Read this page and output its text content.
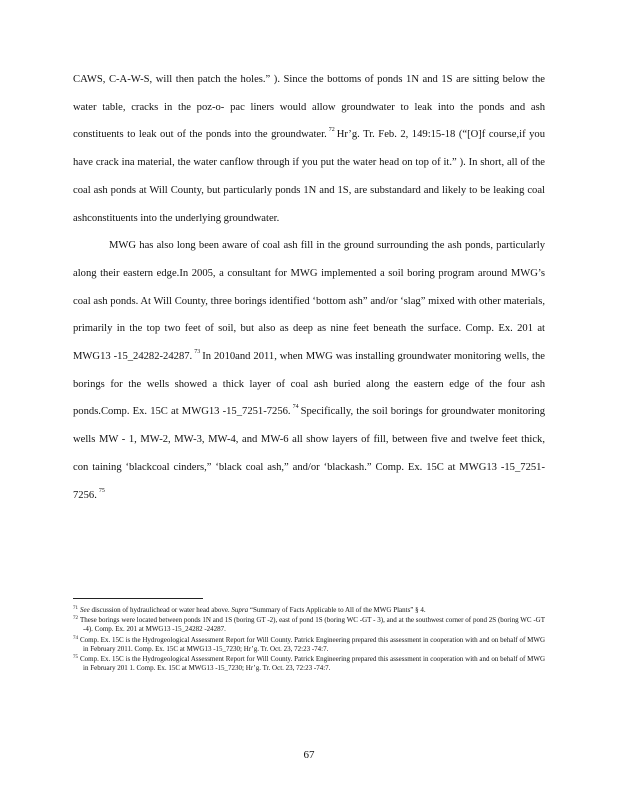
CAWS, C-A-W-S, will then patch the holes.” ). Since the bottoms of ponds 1N and 1S are sitting below the water table, cracks in the poz-o- pac liners would allow groundwater to leak into the ponds and ash constituents to leak out of the ponds into the groundwater. $^{72}$ Hr’g. Tr. Feb. 2, 149:15-18 (“[O]f course,if you have crack ina material, the water canflow through if you put the water head on top of it.” ). In short, all of the coal ash ponds at Will County, but particularly ponds 1N and 1S, are substandard and likely to be leaking coal ashconstituents into the underlying groundwater.

MWG has also long been aware of coal ash fill in the ground surrounding the ash ponds, particularly along their eastern edge.In 2005, a consultant for MWG implemented a soil boring program around MWG’s coal ash ponds. At Will County, three borings identified ‘bottom ash” and/or ‘slag” mixed with other materials, primarily in the top two feet of soil, but also as deep as nine feet beneath the surface. Comp. Ex. 201 at MWG13 -15_24282-24287. $^{73}$ In 2010and 2011, when MWG was installing groundwater monitoring wells, the borings for the wells showed a thick layer of coal ash buried along the eastern edge of the four ash ponds.Comp. Ex. 15C at MWG13 -15_7251-7256. $^{74}$ Specifically, the soil borings for groundwater monitoring wells MW - 1, MW-2, MW-3, MW-4, and MW-6 all show layers of fill, between five and twelve feet thick, con taining ‘blackcoal cinders,” ‘black coal ash,” and/or ‘blackash.” Comp. Ex. 15C at MWG13 -15_7251-7256. $^{75}$

$^{71}$ See discussion of hydraulichead or water head above. Supra “Summary of Facts Applicable to All of the MWG Plants” § 4.

$^{72}$ These borings were located between ponds 1N and 1S (boring GT -2), east of pond 1S (boring WC -GT - 3), and at the southwest corner of pond 2S (boring WC -GT -4). Comp. Ex. 201 at MWG13 -15_24282 -24287.

$^{74}$ Comp. Ex. 15C is the Hydrogeological Assessment Report for Will County. Patrick Engineering prepared this assessment in cooperation with and on behalf of MWG in February 2011. Comp. Ex. 15C at MWG13 -15_7230; Hr’g. Tr. Oct. 23, 72:23 -74:7.

$^{75}$ Comp. Ex. 15C is the Hydrogeological Assessment Report for Will County. Patrick Engineering prepared this assessment in cooperation with and on behalf of MWG in February 201 1. Comp. Ex. 15C at MWG13 -15_7230; Hr’g. Tr. Oct. 23, 72:23 -74:7.

67
